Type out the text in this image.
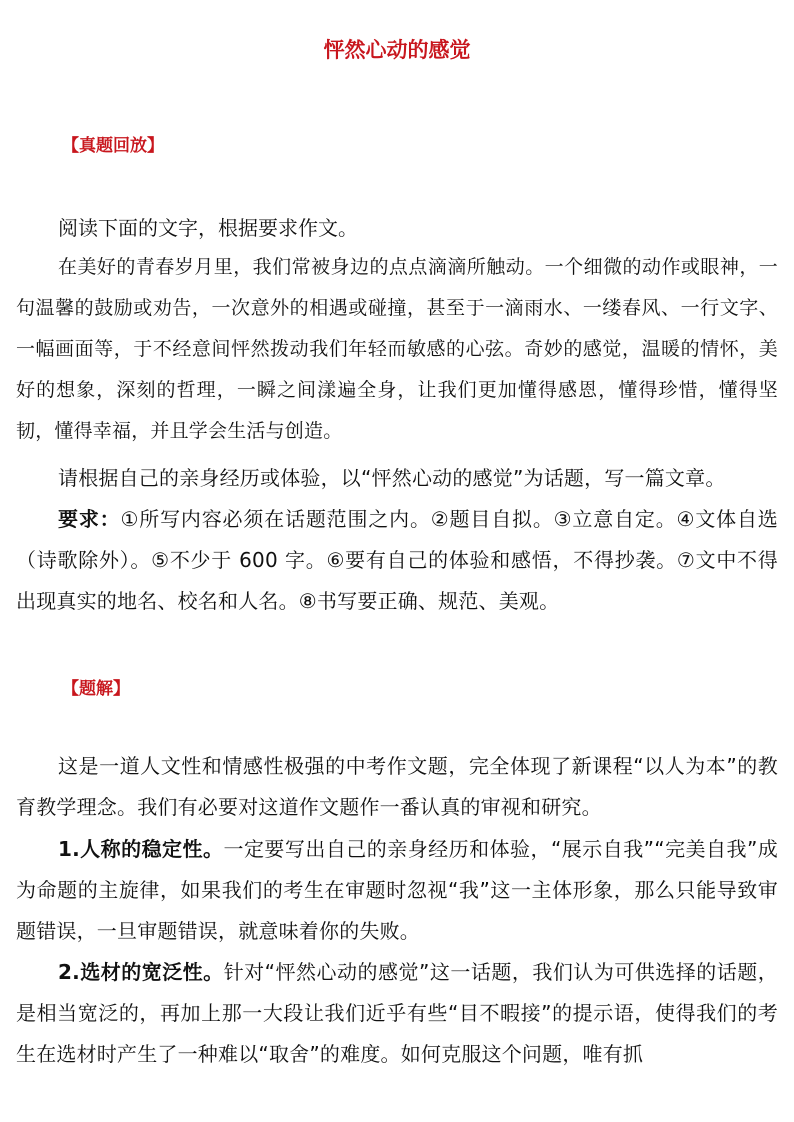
怦然心动的感觉
【真题回放】
阅读下面的文字，根据要求作文。
在美好的青春岁月里，我们常被身边的点点滴滴所触动。一个细微的动作或眼神，一句温馨的鼓励或劝告，一次意外的相遇或碰撞，甚至于一滴雨水、一缕春风、一行文字、一幅画面等，于不经意间怦然拨动我们年轻而敏感的心弦。奇妙的感觉，温暖的情怀，美好的想象，深刻的哲理，一瞬之间漾遍全身，让我们更加懂得感恩，懂得珍惜，懂得坚韧，懂得幸福，并且学会生活与创造。
请根据自己的亲身经历或体验，以“怦然心动的感觉”为话题，写一篇文章。
要求：①所写内容必须在话题范围之内。②题目自拟。③立意自定。④文体自选（诗歌除外）。⑤不少于 600 字。⑥要有自己的体验和感悟，不得抄袭。⑦文中不得出现真实的地名、校名和人名。⑧书写要正确、规范、美观。
【题解】
这是一道人文性和情感性极强的中考作文题，完全体现了新课程“以人为本”的教育教学理念。我们有必要对这道作文题作一番认真的审视和研究。
1.人称的稳定性。一定要写出自己的亲身经历和体验，“展示自我”“完美自我”成为命题的主旋律，如果我们的考生在审题时忽视“我”这一主体形象，那么只能导致审题错误，一旦审题错误，就意味着你的失败。
2.选材的宽泛性。针对“怦然心动的感觉”这一话题，我们认为可供选择的话题，是相当宽泛的，再加上那一大段让我们近乎有些“目不暇接”的提示语，使得我们的考生在选材时产生了一种难以“取舍”的难度。如何克服这个问题，唯有抓
